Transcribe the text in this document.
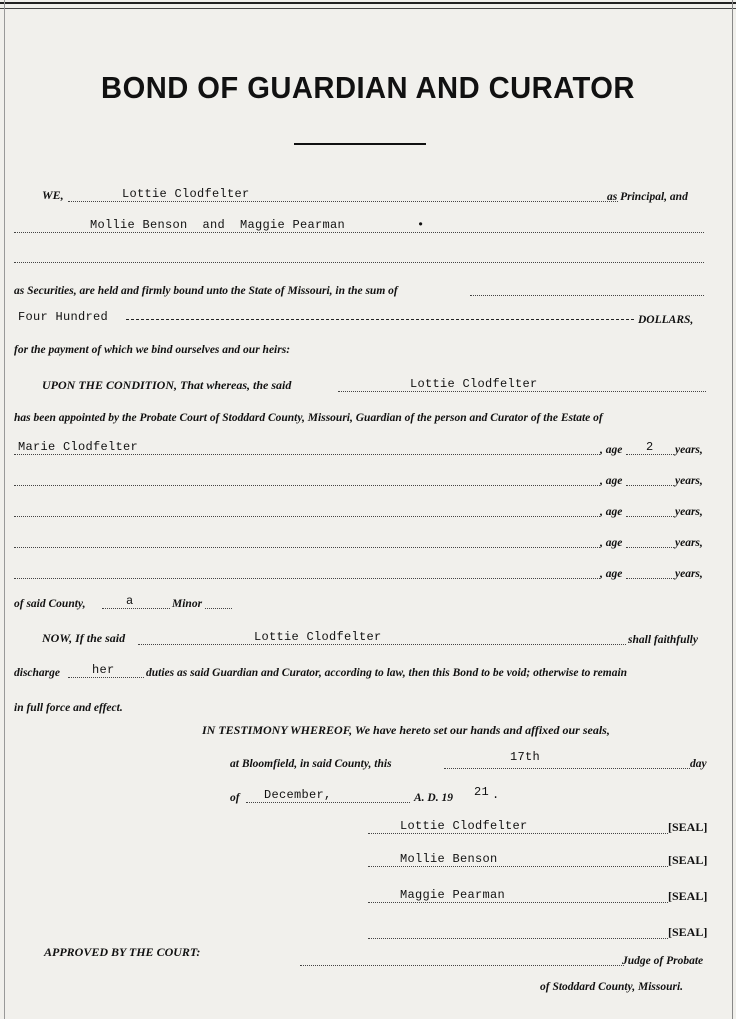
BOND OF GUARDIAN AND CURATOR
WE,	Lottie Clodfelter	as Principal, and
Mollie Benson  and  Maggie Pearman	•
as Securities, are held and firmly bound unto the State of Missouri, in the sum of
Four Hundred	DOLLARS,
for the payment of which we bind ourselves and our heirs:
UPON THE CONDITION, That whereas, the said	Lottie Clodfelter
has been appointed by the Probate Court of Stoddard County, Missouri, Guardian of the person and Curator of the Estate of
Marie Clodfelter	, age 2 years,
, age	years,
, age	years,
, age	years,
, age	years,
of said County,	a	Minor
NOW, If the said	Lottie Clodfelter	shall faithfully
discharge	her	duties as said Guardian and Curator, according to law, then this Bond to be void; otherwise to remain
in full force and effect.
IN TESTIMONY WHEREOF, We have hereto set our hands and affixed our seals,
at Bloomfield, in said County, this	17th	day
of December,	A. D. 19 21 .
Lottie Clodfelter	[SEAL]
Mollie Benson	[SEAL]
Maggie Pearman	[SEAL]
[SEAL]
APPROVED BY THE COURT:
Judge of Probate
of Stoddard County, Missouri.
